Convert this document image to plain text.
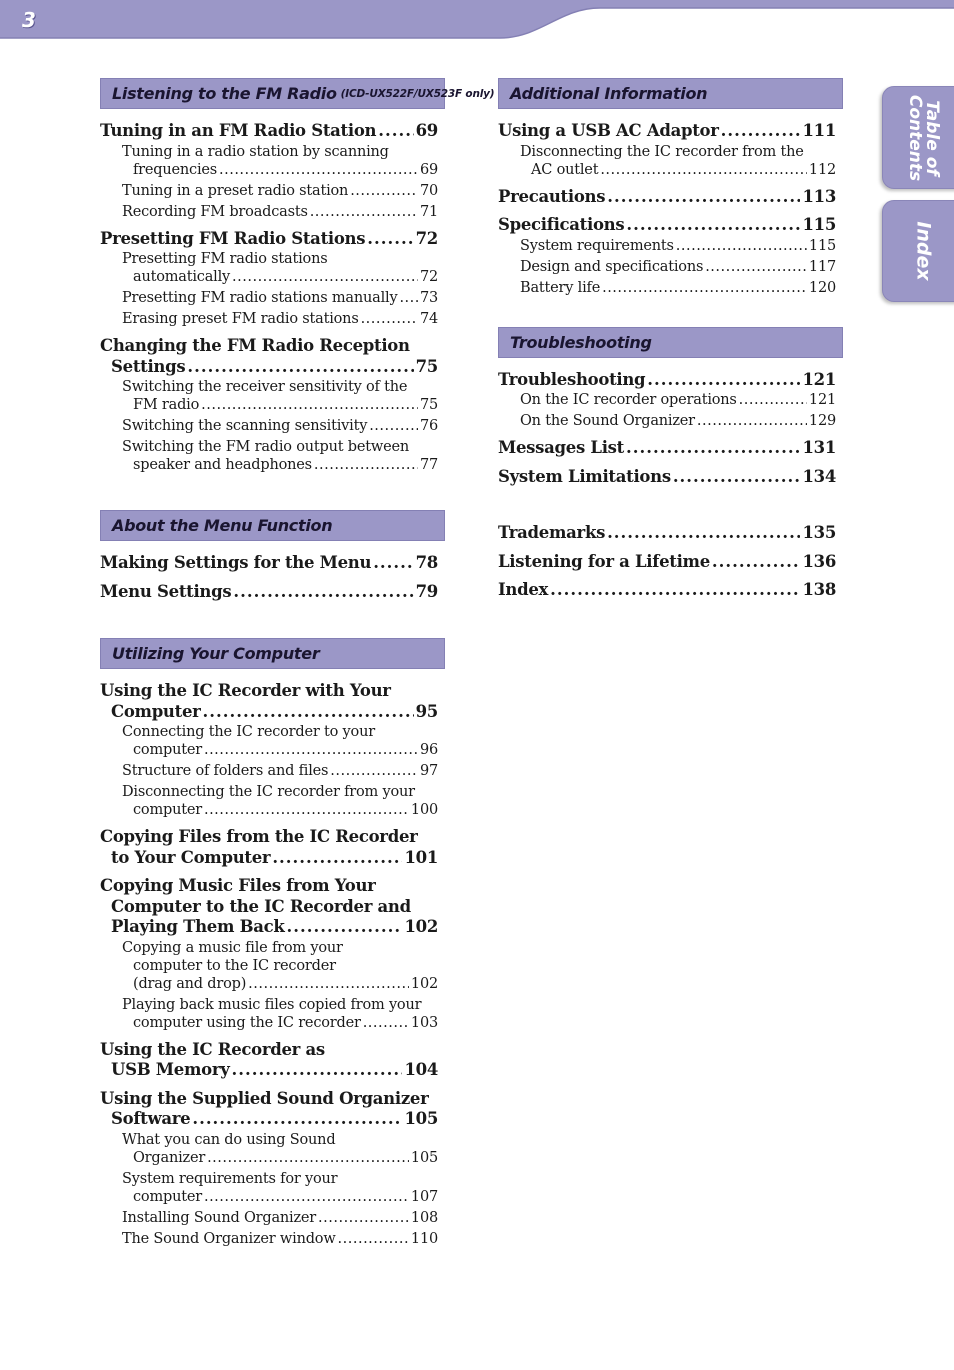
3
Table of
Contents
Index
Listening to the FM Radio (ICD-UX522F/UX523F only)
Tuning in an FM Radio Station ..... 69
Tuning in a radio station by scanning
frequencies .....	69
Tuning in a preset radio station .....	70
Recording FM broadcasts .....	71
Presetting FM Radio Stations .....	72
Presetting FM radio stations
automatically .....	72
Presetting FM radio stations manually ..... 73
Erasing preset FM radio stations .....	74
Changing the FM Radio Reception
Settings .....	75
Switching the receiver sensitivity of the
FM radio .....	75
Switching the scanning sensitivity .....	76
Switching the FM radio output between
speaker and headphones .....	77
About the Menu Function
Making Settings for the Menu .....	78
Menu Settings .....	79
Utilizing Your Computer
Using the IC Recorder with Your
Computer .....	95
Connecting the IC recorder to your
computer .....	96
Structure of folders and files .....	97
Disconnecting the IC recorder from your
computer .....	100
Copying Files from the IC Recorder
to Your Computer .....	101
Copying Music Files from Your
Computer to the IC Recorder and
Playing Them Back .....	102
Copying a music file from your
computer to the IC recorder
(drag and drop) .....	102
Playing back music files copied from your
computer using the IC recorder .....	103
Using the IC Recorder as
USB Memory .....	104
Using the Supplied Sound Organizer
Software .....	105
What you can do using Sound
Organizer .....	105
System requirements for your
computer .....	107
Installing Sound Organizer .....	108
The Sound Organizer window .....	110
Additional Information
Using a USB AC Adaptor .....	111
Disconnecting the IC recorder from the
AC outlet .....	112
Precautions .....	113
Specifications .....	115
System requirements .....	115
Design and specifications .....	117
Battery life .....	120
Troubleshooting
Troubleshooting .....	121
On the IC recorder operations .....	121
On the Sound Organizer .....	129
Messages List .....	131
System Limitations .....	134
Trademarks .....	135
Listening for a Lifetime .....	136
Index .....	138
